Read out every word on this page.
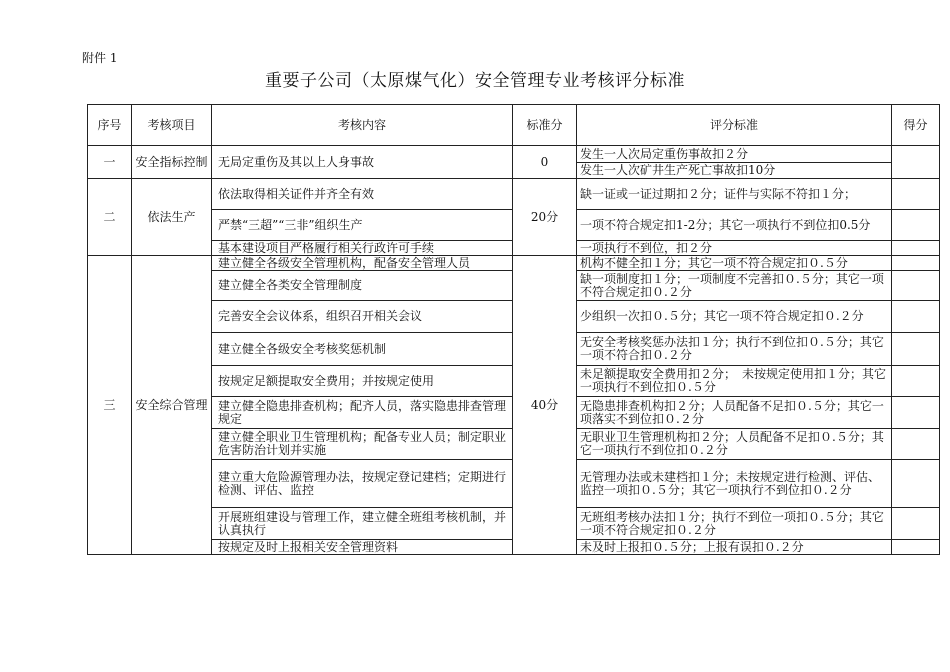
附件 1
重要子公司（太原煤气化）安全管理专业考核评分标准
序号	考核项目	考核内容	标准分	评分标准	得分
一	安全指标控制	无局定重伤及其以上人身事故	0	发生一人次局定重伤事故扣２分
发生一人次矿井生产死亡事故扣10分	

二	依法生产	依法取得相关证件并齐全有效	20分	缺一证或一证过期扣２分；证件与实际不符扣１分；	
		严禁“三超”“三非”组织生产		一项不符合规定扣1-2分；其它一项执行不到位扣0.5分	
		基本建设项目严格履行相关行政许可手续		一项执行不到位，扣２分	
三	安全综合管理	建立健全各级安全管理机构，配备安全管理人员	40分	机构不健全扣１分；其它一项不符合规定扣０.５分	
		建立健全各类安全管理制度		缺一项制度扣１分；一项制度不完善扣０.５分；其它一项不符合规定扣０.２分	
		完善安全会议体系，组织召开相关会议		少组织一次扣０.５分；其它一项不符合规定扣０.２分	
		建立健全各级安全考核奖惩机制		无安全考核奖惩办法扣１分；执行不到位扣０.５分；其它一项不符合扣０.２分	
		按规定足额提取安全费用；并按规定使用		未足额提取安全费用扣２分；　未按规定使用扣１分；其它一项执行不到位扣０.５分	
		建立健全隐患排查机构；配齐人员，落实隐患排查管理规定		无隐患排查机构扣２分；人员配备不足扣０.５分；其它一项落实不到位扣０.２分	
		建立健全职业卫生管理机构；配备专业人员；制定职业危害防治计划并实施		无职业卫生管理机构扣２分；人员配备不足扣０.５分；其它一项执行不到位扣０.２分	
		建立重大危险源管理办法，按规定登记建档；定期进行检测、评估、监控		无管理办法或未建档扣１分；未按规定进行检测、评估、监控一项扣０.５分；其它一项执行不到位扣０.２分	
		开展班组建设与管理工作，建立健全班组考核机制，并认真执行		无班组考核办法扣１分；执行不到位一项扣０.５分；其它一项不符合规定扣０.２分	
		按规定及时上报相关安全管理资料		未及时上报扣０.５分；上报有误扣０.２分	
